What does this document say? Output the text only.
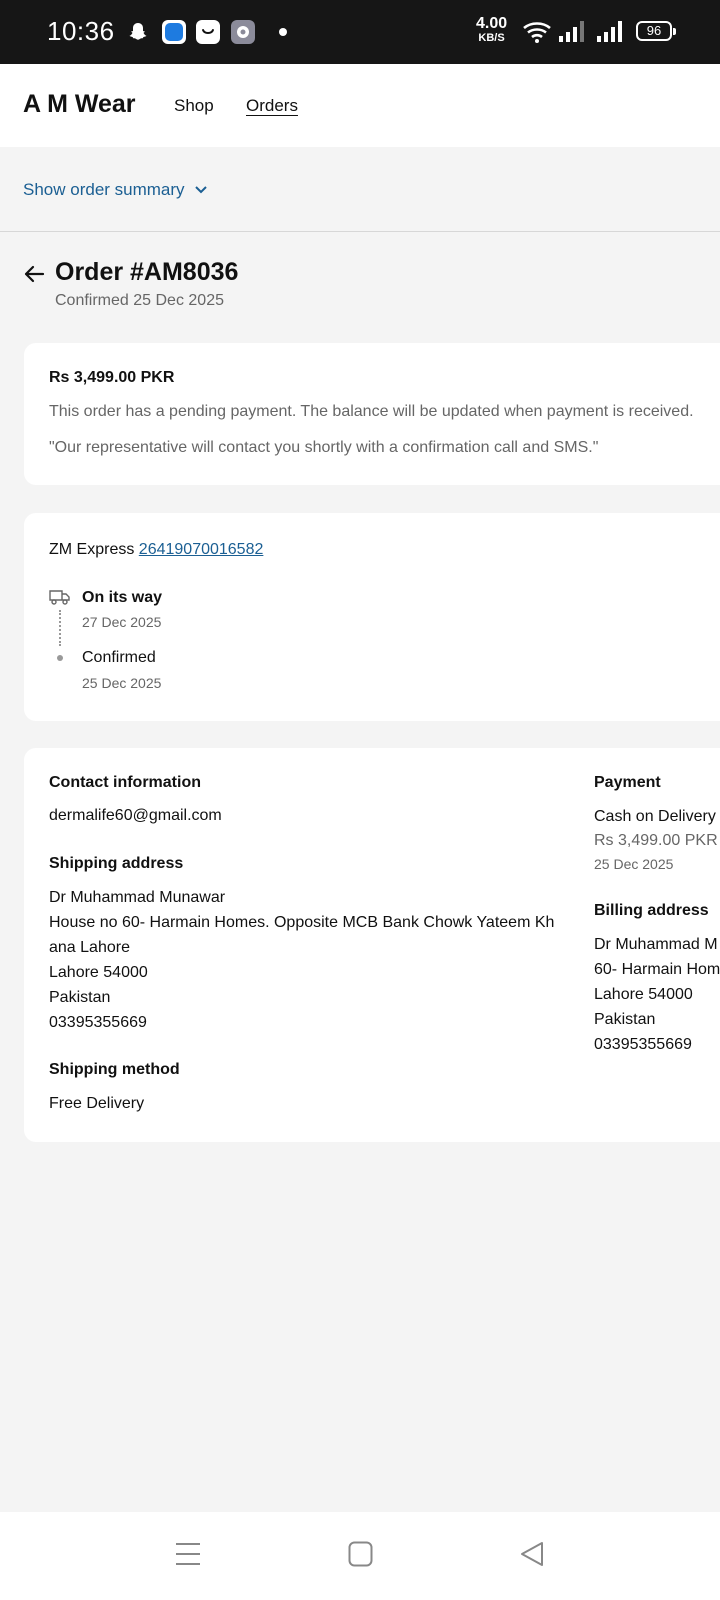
10:36	4.00
KB/S	96
A M Wear Shop Orders
Show order summary
Order #AM8036
Confirmed 25 Dec 2025
Rs 3,499.00 PKR
This order has a pending payment. The balance will be updated when payment is received.
"Our representative will contact you shortly with a confirmation call and SMS."
ZM Express 26419070016582
On its way
27 Dec 2025
Confirmed
25 Dec 2025
Contact information
dermalife60@gmail.com
Shipping address
Dr Muhammad Munawar
House no 60- Harmain Homes. Opposite MCB Bank Chowk Yateem Kh
ana Lahore
Lahore 54000
Pakistan
03395355669
Shipping method
Free Delivery
Payment
Cash on Delivery
Rs 3,499.00 PKR
25 Dec 2025
Billing address
Dr Muhammad M
60- Harmain Hom
Lahore 54000
Pakistan
03395355669
